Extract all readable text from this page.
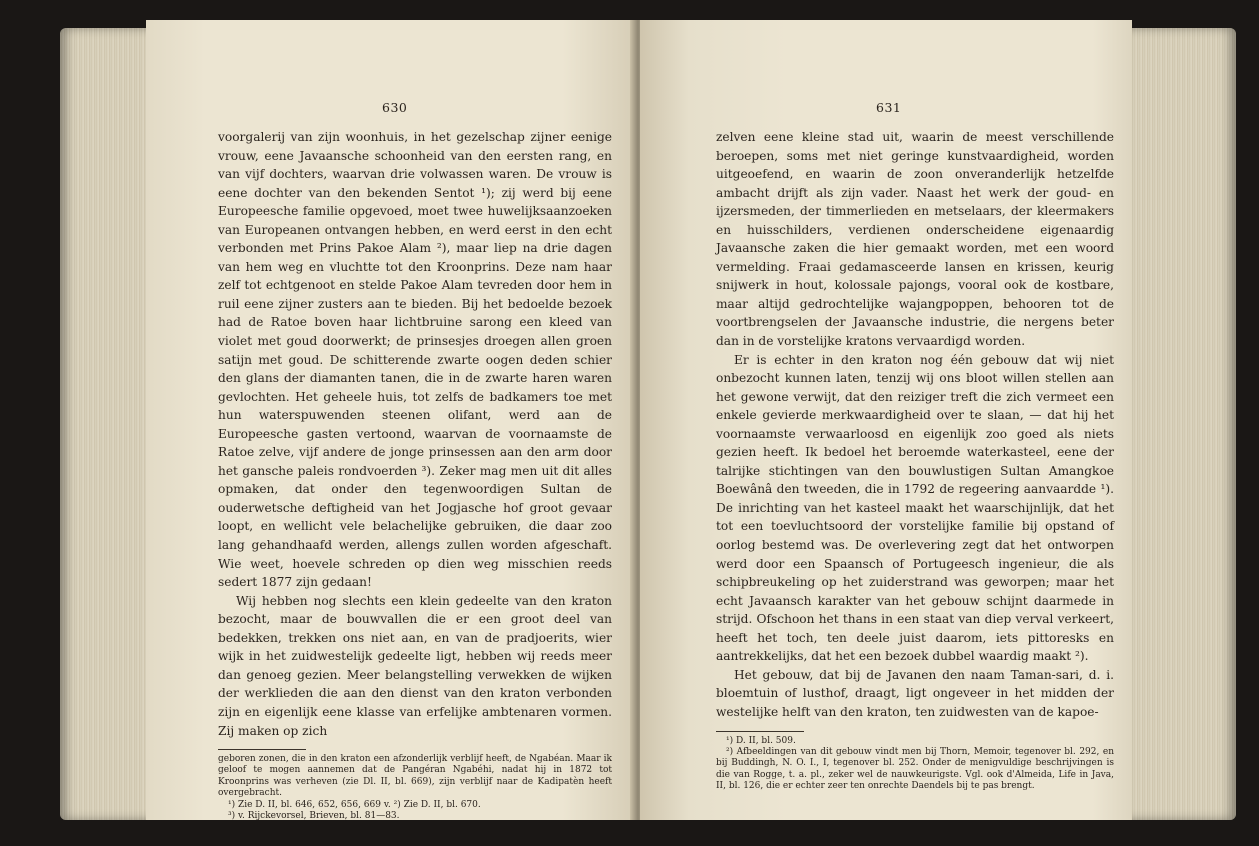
630

voorgalerij van zijn woonhuis, in het gezelschap zijner eenige vrouw, eene Javaansche schoonheid van den eersten rang, en van vijf dochters, waarvan drie volwassen waren. De vrouw is eene dochter van den bekenden Sentot ¹); zij werd bij eene Europeesche familie opgevoed, moet twee huwelijksaanzoeken van Europeanen ontvangen hebben, en werd eerst in den echt verbonden met Prins Pakoe Alam ²), maar liep na drie dagen van hem weg en vluchtte tot den Kroonprins. Deze nam haar zelf tot echtgenoot en stelde Pakoe Alam tevreden door hem in ruil eene zijner zusters aan te bieden. Bij het bedoelde bezoek had de Ratoe boven haar lichtbruine sarong een kleed van violet met goud doorwerkt; de prinsesjes droegen allen groen satijn met goud. De schitterende zwarte oogen deden schier den glans der diamanten tanen, die in de zwarte haren waren gevlochten. Het geheele huis, tot zelfs de badkamers toe met hun waterspuwenden steenen olifant, werd aan de Europeesche gasten vertoond, waarvan de voornaamste de Ratoe zelve, vijf andere de jonge prinsessen aan den arm door het gansche paleis rondvoerden ³). Zeker mag men uit dit alles opmaken, dat onder den tegenwoordigen Sultan de ouderwetsche deftigheid van het Jogjasche hof groot gevaar loopt, en wellicht vele belachelijke gebruiken, die daar zoo lang gehandhaafd werden, allengs zullen worden afgeschaft. Wie weet, hoevele schreden op dien weg misschien reeds sedert 1877 zijn gedaan!

Wij hebben nog slechts een klein gedeelte van den kraton bezocht, maar de bouwvallen die er een groot deel van bedekken, trekken ons niet aan, en van de pradjoerits, wier wijk in het zuidwestelijk gedeelte ligt, hebben wij reeds meer dan genoeg gezien. Meer belangstelling verwekken de wijken der werklieden die aan den dienst van den kraton verbonden zijn en eigenlijk eene klasse van erfelijke ambtenaren vormen. Zij maken op zich

geboren zonen, die in den kraton een afzonderlijk verblijf heeft, de Ngabéan. Maar ik geloof te mogen aannemen dat de Pangéran Ngabéhi, nadat hij in 1872 tot Kroonprins was verheven (zie Dl. II, bl. 669), zijn verblijf naar de Kadipatèn heeft overgebracht.

¹) Zie D. II, bl. 646, 652, 656, 669 v. ²) Zie D. II, bl. 670.

³) v. Rijckevorsel, Brieven, bl. 81—83.

631

zelven eene kleine stad uit, waarin de meest verschillende beroepen, soms met niet geringe kunstvaardigheid, worden uitgeoefend, en waarin de zoon onveranderlijk hetzelfde ambacht drijft als zijn vader. Naast het werk der goud- en ijzersmeden, der timmerlieden en metselaars, der kleermakers en huisschilders, verdienen onderscheidene eigenaardig Javaansche zaken die hier gemaakt worden, met een woord vermelding. Fraai gedamasceerde lansen en krissen, keurig snijwerk in hout, kolossale pajongs, vooral ook de kostbare, maar altijd gedrochtelijke wajangpoppen, behooren tot de voortbrengselen der Javaansche industrie, die nergens beter dan in de vorstelijke kratons vervaardigd worden.

Er is echter in den kraton nog één gebouw dat wij niet onbezocht kunnen laten, tenzij wij ons bloot willen stellen aan het gewone verwijt, dat den reiziger treft die zich vermeet een enkele gevierde merkwaardigheid over te slaan, — dat hij het voornaamste verwaarloosd en eigenlijk zoo goed als niets gezien heeft. Ik bedoel het beroemde waterkasteel, eene der talrijke stichtingen van den bouwlustigen Sultan Amangkoe Boewânâ den tweeden, die in 1792 de regeering aanvaardde ¹). De inrichting van het kasteel maakt het waarschijnlijk, dat het tot een toevluchtsoord der vorstelijke familie bij opstand of oorlog bestemd was. De overlevering zegt dat het ontworpen werd door een Spaansch of Portugeesch ingenieur, die als schipbreukeling op het zuiderstrand was geworpen; maar het echt Javaansch karakter van het gebouw schijnt daarmede in strijd. Ofschoon het thans in een staat van diep verval verkeert, heeft het toch, ten deele juist daarom, iets pittoresks en aantrekkelijks, dat het een bezoek dubbel waardig maakt ²).

Het gebouw, dat bij de Javanen den naam Taman-sari, d. i. bloemtuin of lusthof, draagt, ligt ongeveer in het midden der westelijke helft van den kraton, ten zuidwesten van de kapoe-

¹) D. II, bl. 509.

²) Afbeeldingen van dit gebouw vindt men bij Thorn, Memoir, tegenover bl. 292, en bij Buddingh, N. O. I., I, tegenover bl. 252. Onder de menigvuldige beschrijvingen is die van Rogge, t. a. pl., zeker wel de nauwkeurigste. Vgl. ook d'Almeida, Life in Java, II, bl. 126, die er echter zeer ten onrechte Daendels bij te pas brengt.
